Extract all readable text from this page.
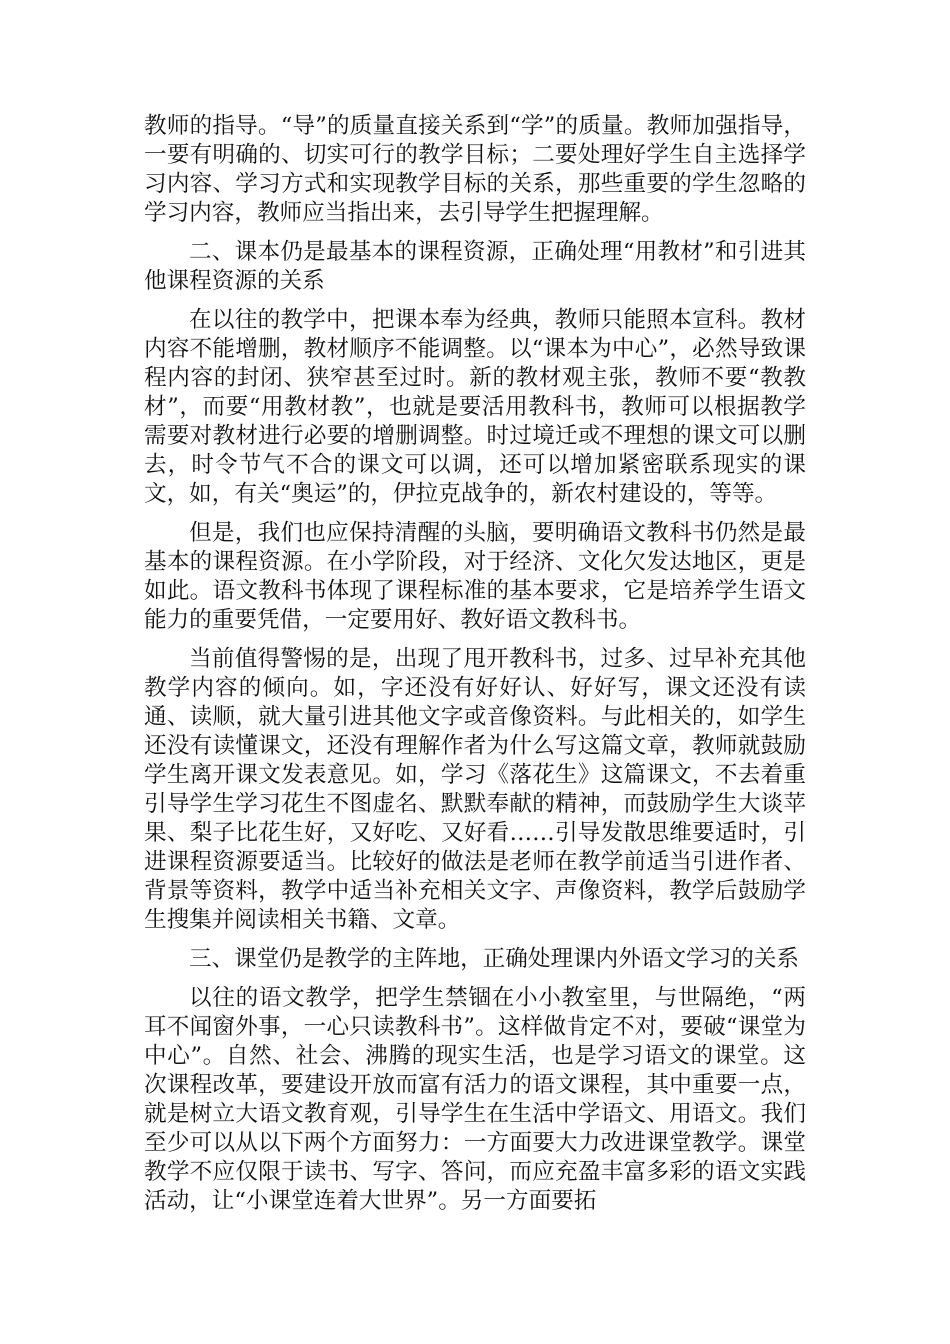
教师的指导。“导”的质量直接关系到“学”的质量。教师加强指导，一要有明确的、切实可行的教学目标；二要处理好学生自主选择学习内容、学习方式和实现教学目标的关系，那些重要的学生忽略的学习内容，教师应当指出来，去引导学生把握理解。

二、课本仍是最基本的课程资源，正确处理“用教材”和引进其他课程资源的关系

在以往的教学中，把课本奉为经典，教师只能照本宣科。教材内容不能增删，教材顺序不能调整。以“课本为中心”，必然导致课程内容的封闭、狭窄甚至过时。新的教材观主张，教师不要“教教材”，而要“用教材教”，也就是要活用教科书，教师可以根据教学需要对教材进行必要的增删调整。时过境迁或不理想的课文可以删去，时令节气不合的课文可以调，还可以增加紧密联系现实的课文，如，有关“奥运”的，伊拉克战争的，新农村建设的，等等。

但是，我们也应保持清醒的头脑，要明确语文教科书仍然是最基本的课程资源。在小学阶段，对于经济、文化欠发达地区，更是如此。语文教科书体现了课程标准的基本要求，它是培养学生语文能力的重要凭借，一定要用好、教好语文教科书。

当前值得警惕的是，出现了甩开教科书，过多、过早补充其他教学内容的倾向。如，字还没有好好认、好好写，课文还没有读通、读顺，就大量引进其他文字或音像资料。与此相关的，如学生还没有读懂课文，还没有理解作者为什么写这篇文章，教师就鼓励学生离开课文发表意见。如，学习《落花生》这篇课文，不去着重引导学生学习花生不图虚名、默默奉献的精神，而鼓励学生大谈苹果、梨子比花生好，又好吃、又好看……引导发散思维要适时，引进课程资源要适当。比较好的做法是老师在教学前适当引进作者、背景等资料，教学中适当补充相关文字、声像资料，教学后鼓励学生搜集并阅读相关书籍、文章。

三、课堂仍是教学的主阵地，正确处理课内外语文学习的关系

以往的语文教学，把学生禁锢在小小教室里，与世隔绝，“两耳不闻窗外事，一心只读教科书”。这样做肯定不对，要破“课堂为中心”。自然、社会、沸腾的现实生活，也是学习语文的课堂。这次课程改革，要建设开放而富有活力的语文课程，其中重要一点，就是树立大语文教育观，引导学生在生活中学语文、用语文。我们至少可以从以下两个方面努力：一方面要大力改进课堂教学。课堂教学不应仅限于读书、写字、答问，而应充盈丰富多彩的语文实践活动，让“小课堂连着大世界”。另一方面要拓
